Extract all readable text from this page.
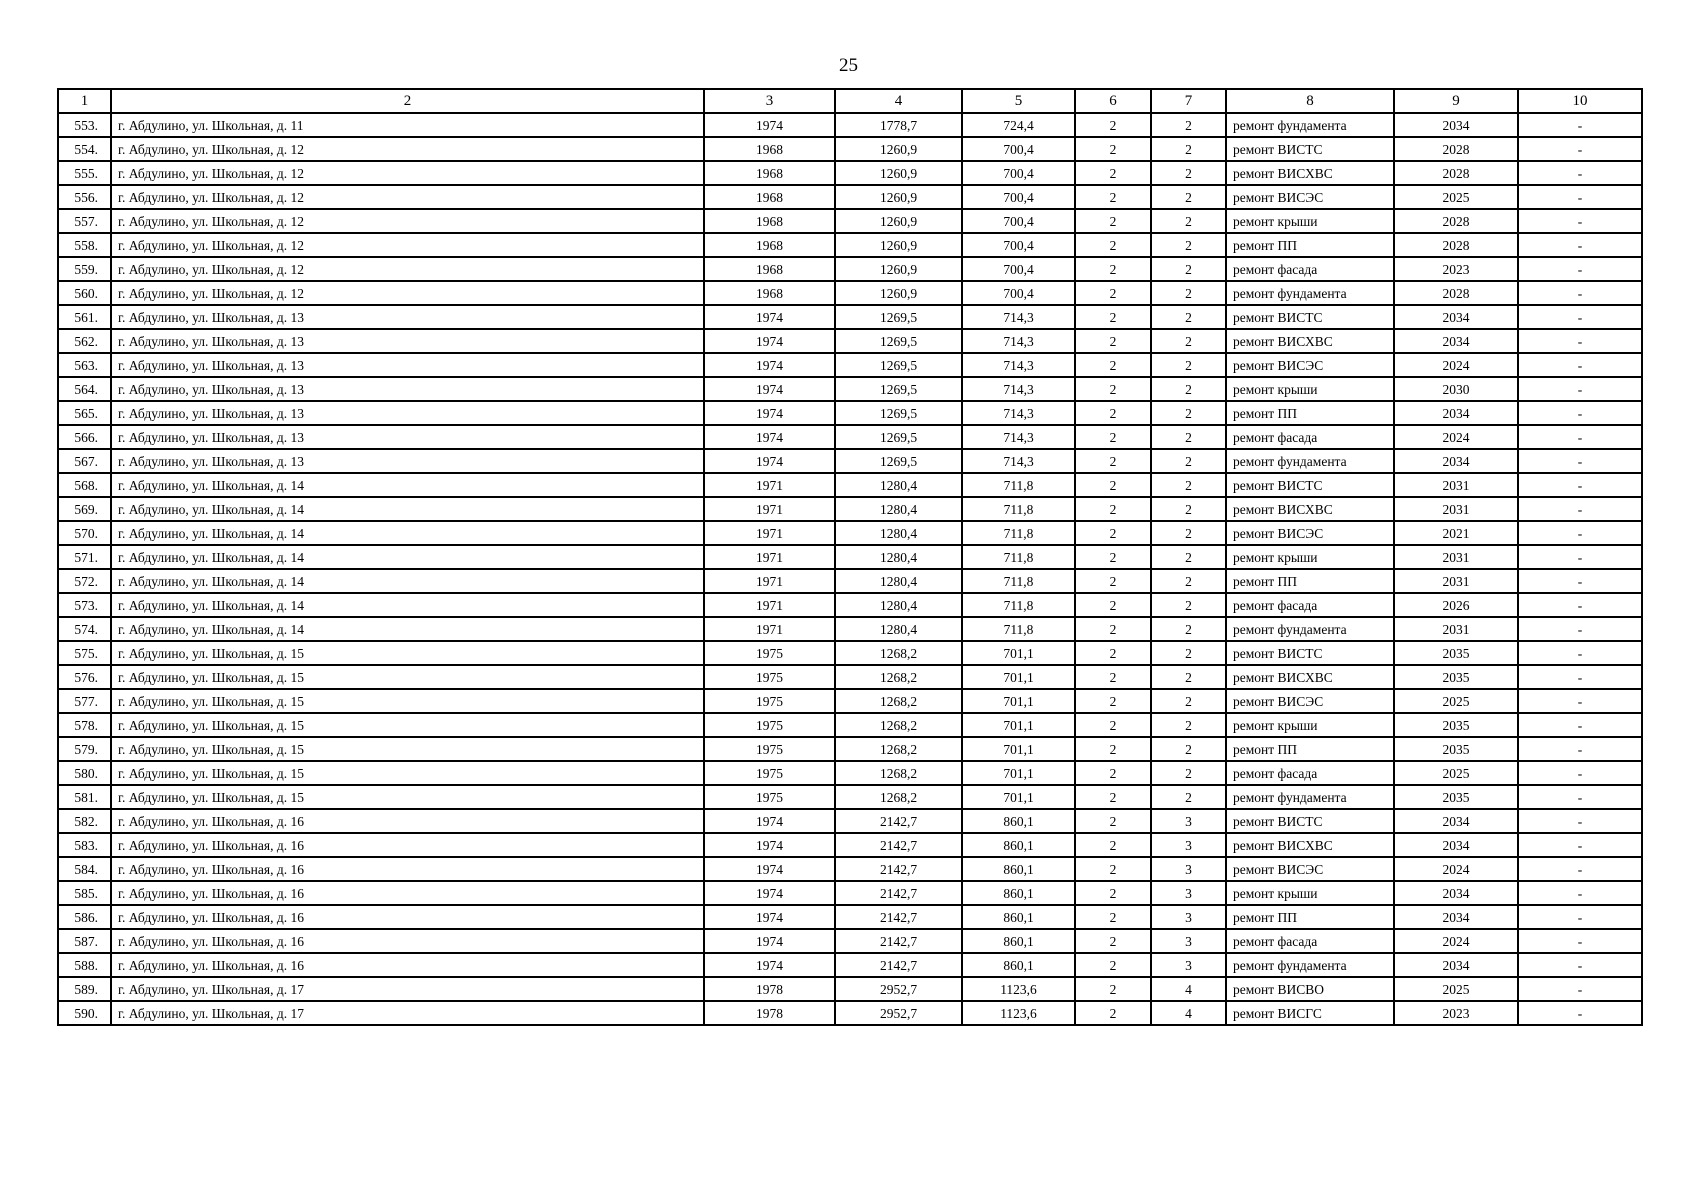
25
1	2	3	4	5	6	7	8	9	10
553.	г. Абдулино, ул. Школьная, д. 11	1974	1778,7	724,4	2	2	ремонт фундамента	2034	-
554.	г. Абдулино, ул. Школьная, д. 12	1968	1260,9	700,4	2	2	ремонт ВИСТС	2028	-
555.	г. Абдулино, ул. Школьная, д. 12	1968	1260,9	700,4	2	2	ремонт ВИСХВС	2028	-
556.	г. Абдулино, ул. Школьная, д. 12	1968	1260,9	700,4	2	2	ремонт ВИСЭС	2025	-
557.	г. Абдулино, ул. Школьная, д. 12	1968	1260,9	700,4	2	2	ремонт крыши	2028	-
558.	г. Абдулино, ул. Школьная, д. 12	1968	1260,9	700,4	2	2	ремонт ПП	2028	-
559.	г. Абдулино, ул. Школьная, д. 12	1968	1260,9	700,4	2	2	ремонт фасада	2023	-
560.	г. Абдулино, ул. Школьная, д. 12	1968	1260,9	700,4	2	2	ремонт фундамента	2028	-
561.	г. Абдулино, ул. Школьная, д. 13	1974	1269,5	714,3	2	2	ремонт ВИСТС	2034	-
562.	г. Абдулино, ул. Школьная, д. 13	1974	1269,5	714,3	2	2	ремонт ВИСХВС	2034	-
563.	г. Абдулино, ул. Школьная, д. 13	1974	1269,5	714,3	2	2	ремонт ВИСЭС	2024	-
564.	г. Абдулино, ул. Школьная, д. 13	1974	1269,5	714,3	2	2	ремонт крыши	2030	-
565.	г. Абдулино, ул. Школьная, д. 13	1974	1269,5	714,3	2	2	ремонт ПП	2034	-
566.	г. Абдулино, ул. Школьная, д. 13	1974	1269,5	714,3	2	2	ремонт фасада	2024	-
567.	г. Абдулино, ул. Школьная, д. 13	1974	1269,5	714,3	2	2	ремонт фундамента	2034	-
568.	г. Абдулино, ул. Школьная, д. 14	1971	1280,4	711,8	2	2	ремонт ВИСТС	2031	-
569.	г. Абдулино, ул. Школьная, д. 14	1971	1280,4	711,8	2	2	ремонт ВИСХВС	2031	-
570.	г. Абдулино, ул. Школьная, д. 14	1971	1280,4	711,8	2	2	ремонт ВИСЭС	2021	-
571.	г. Абдулино, ул. Школьная, д. 14	1971	1280,4	711,8	2	2	ремонт крыши	2031	-
572.	г. Абдулино, ул. Школьная, д. 14	1971	1280,4	711,8	2	2	ремонт ПП	2031	-
573.	г. Абдулино, ул. Школьная, д. 14	1971	1280,4	711,8	2	2	ремонт фасада	2026	-
574.	г. Абдулино, ул. Школьная, д. 14	1971	1280,4	711,8	2	2	ремонт фундамента	2031	-
575.	г. Абдулино, ул. Школьная, д. 15	1975	1268,2	701,1	2	2	ремонт ВИСТС	2035	-
576.	г. Абдулино, ул. Школьная, д. 15	1975	1268,2	701,1	2	2	ремонт ВИСХВС	2035	-
577.	г. Абдулино, ул. Школьная, д. 15	1975	1268,2	701,1	2	2	ремонт ВИСЭС	2025	-
578.	г. Абдулино, ул. Школьная, д. 15	1975	1268,2	701,1	2	2	ремонт крыши	2035	-
579.	г. Абдулино, ул. Школьная, д. 15	1975	1268,2	701,1	2	2	ремонт ПП	2035	-
580.	г. Абдулино, ул. Школьная, д. 15	1975	1268,2	701,1	2	2	ремонт фасада	2025	-
581.	г. Абдулино, ул. Школьная, д. 15	1975	1268,2	701,1	2	2	ремонт фундамента	2035	-
582.	г. Абдулино, ул. Школьная, д. 16	1974	2142,7	860,1	2	3	ремонт ВИСТС	2034	-
583.	г. Абдулино, ул. Школьная, д. 16	1974	2142,7	860,1	2	3	ремонт ВИСХВС	2034	-
584.	г. Абдулино, ул. Школьная, д. 16	1974	2142,7	860,1	2	3	ремонт ВИСЭС	2024	-
585.	г. Абдулино, ул. Школьная, д. 16	1974	2142,7	860,1	2	3	ремонт крыши	2034	-
586.	г. Абдулино, ул. Школьная, д. 16	1974	2142,7	860,1	2	3	ремонт ПП	2034	-
587.	г. Абдулино, ул. Школьная, д. 16	1974	2142,7	860,1	2	3	ремонт фасада	2024	-
588.	г. Абдулино, ул. Школьная, д. 16	1974	2142,7	860,1	2	3	ремонт фундамента	2034	-
589.	г. Абдулино, ул. Школьная, д. 17	1978	2952,7	1123,6	2	4	ремонт ВИСВО	2025	-
590.	г. Абдулино, ул. Школьная, д. 17	1978	2952,7	1123,6	2	4	ремонт ВИСГС	2023	-
